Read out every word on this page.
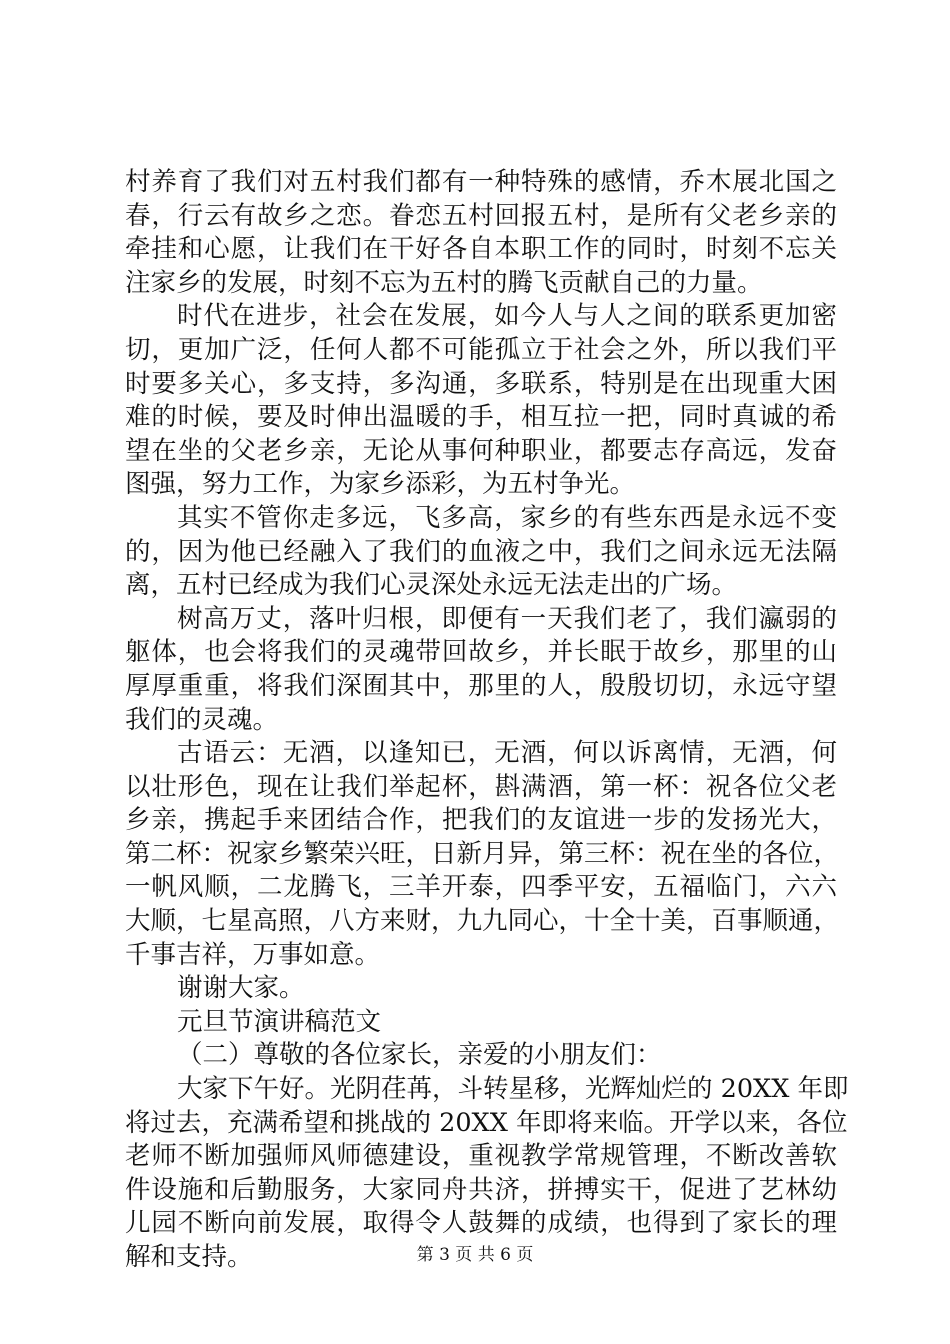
村养育了我们对五村我们都有一种特殊的感情，乔木展北国之
春，行云有故乡之恋。眷恋五村回报五村，是所有父老乡亲的
牵挂和心愿，让我们在干好各自本职工作的同时，时刻不忘关
注家乡的发展，时刻不忘为五村的腾飞贡献自己的力量。
时代在进步，社会在发展，如今人与人之间的联系更加密
切，更加广泛，任何人都不可能孤立于社会之外，所以我们平
时要多关心，多支持，多沟通，多联系，特别是在出现重大困
难的时候，要及时伸出温暖的手，相互拉一把，同时真诚的希
望在坐的父老乡亲，无论从事何种职业，都要志存高远，发奋
图强，努力工作，为家乡添彩，为五村争光。
其实不管你走多远，飞多高，家乡的有些东西是永远不变
的，因为他已经融入了我们的血液之中，我们之间永远无法隔
离，五村已经成为我们心灵深处永远无法走出的广场。
树高万丈，落叶归根，即便有一天我们老了，我们瀛弱的
躯体，也会将我们的灵魂带回故乡，并长眠于故乡，那里的山
厚厚重重，将我们深囿其中，那里的人，殷殷切切，永远守望
我们的灵魂。
古语云：无酒，以逢知已，无酒，何以诉离情，无酒，何
以壮形色，现在让我们举起杯，斟满酒，第一杯：祝各位父老
乡亲，携起手来团结合作，把我们的友谊进一步的发扬光大，
第二杯：祝家乡繁荣兴旺，日新月异，第三杯：祝在坐的各位，
一帆风顺，二龙腾飞，三羊开泰，四季平安，五福临门，六六
大顺，七星高照，八方来财，九九同心，十全十美，百事顺通，
千事吉祥，万事如意。
谢谢大家。
元旦节演讲稿范文
（二）尊敬的各位家长，亲爱的小朋友们：
大家下午好。光阴荏苒，斗转星移，光辉灿烂的 20XX 年即
将过去，充满希望和挑战的 20XX 年即将来临。开学以来，各位
老师不断加强师风师德建设，重视教学常规管理，不断改善软
件设施和后勤服务，大家同舟共济，拼搏实干，促进了艺林幼
儿园不断向前发展，取得令人鼓舞的成绩，也得到了家长的理
解和支持。	第 3 页 共 6 页
